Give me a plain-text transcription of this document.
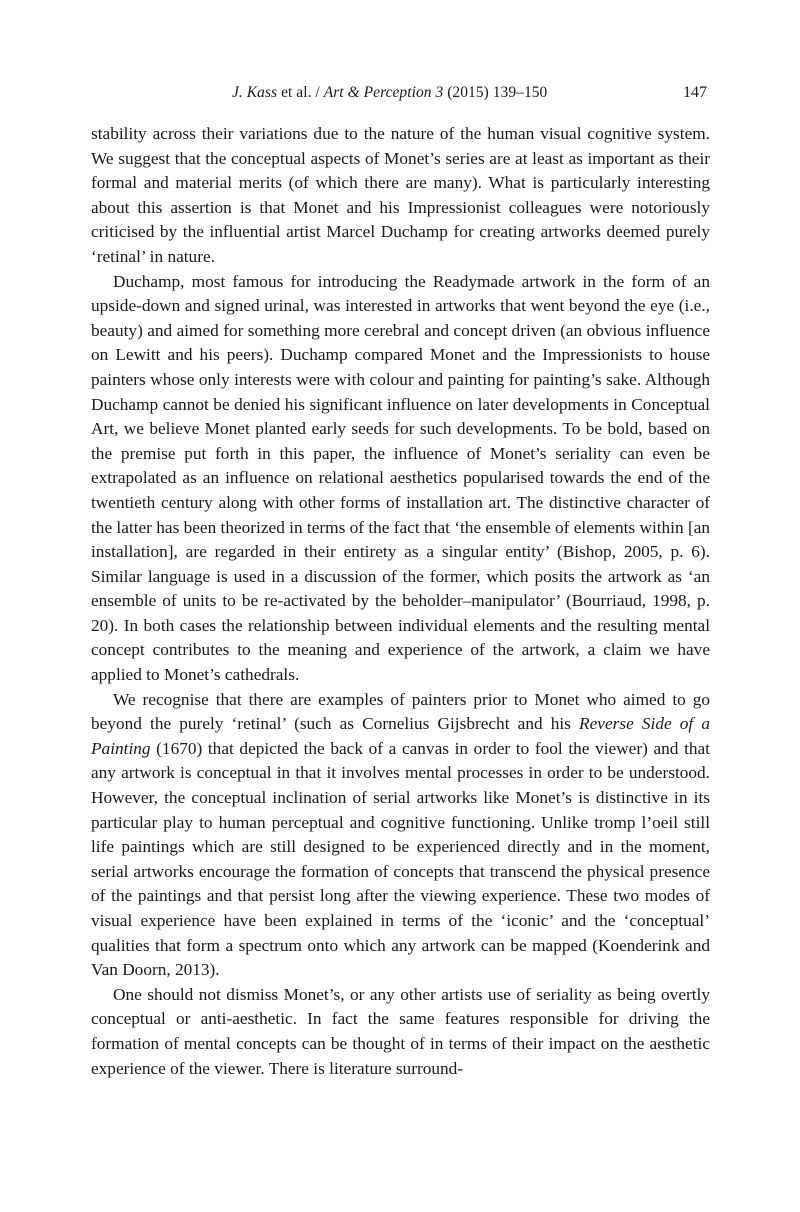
J. Kass et al. / Art & Perception 3 (2015) 139–150	147

stability across their variations due to the nature of the human visual cognitive system. We suggest that the conceptual aspects of Monet’s series are at least as important as their formal and material merits (of which there are many). What is particularly interesting about this assertion is that Monet and his Impressionist colleagues were notoriously criticised by the influential artist Marcel Duchamp for creating artworks deemed purely ‘retinal’ in nature.

Duchamp, most famous for introducing the Readymade artwork in the form of an upside-down and signed urinal, was interested in artworks that went beyond the eye (i.e., beauty) and aimed for something more cerebral and concept driven (an obvious influence on Lewitt and his peers). Duchamp compared Monet and the Impressionists to house painters whose only interests were with colour and painting for painting’s sake. Although Duchamp cannot be denied his significant influence on later developments in Conceptual Art, we believe Monet planted early seeds for such developments. To be bold, based on the premise put forth in this paper, the influence of Monet’s seriality can even be extrapolated as an influence on relational aesthetics popularised towards the end of the twentieth century along with other forms of installation art. The distinctive character of the latter has been theorized in terms of the fact that ‘the ensemble of elements within [an installation], are regarded in their entirety as a singular entity’ (Bishop, 2005, p. 6). Similar language is used in a discussion of the former, which posits the artwork as ‘an ensemble of units to be re-activated by the beholder–manipulator’ (Bourriaud, 1998, p. 20). In both cases the relationship between individual elements and the resulting mental concept contributes to the meaning and experience of the artwork, a claim we have applied to Monet’s cathedrals.

We recognise that there are examples of painters prior to Monet who aimed to go beyond the purely ‘retinal’ (such as Cornelius Gijsbrecht and his Reverse Side of a Painting (1670) that depicted the back of a canvas in order to fool the viewer) and that any artwork is conceptual in that it involves mental processes in order to be understood. However, the conceptual inclination of serial artworks like Monet’s is distinctive in its particular play to human perceptual and cognitive functioning. Unlike tromp l’oeil still life paintings which are still designed to be experienced directly and in the moment, serial artworks encourage the formation of concepts that transcend the physical presence of the paintings and that persist long after the viewing experience. These two modes of visual experience have been explained in terms of the ‘iconic’ and the ‘conceptual’ qualities that form a spectrum onto which any artwork can be mapped (Koenderink and Van Doorn, 2013).

One should not dismiss Monet’s, or any other artists use of seriality as being overtly conceptual or anti-aesthetic. In fact the same features responsible for driving the formation of mental concepts can be thought of in terms of their impact on the aesthetic experience of the viewer. There is literature surround-
